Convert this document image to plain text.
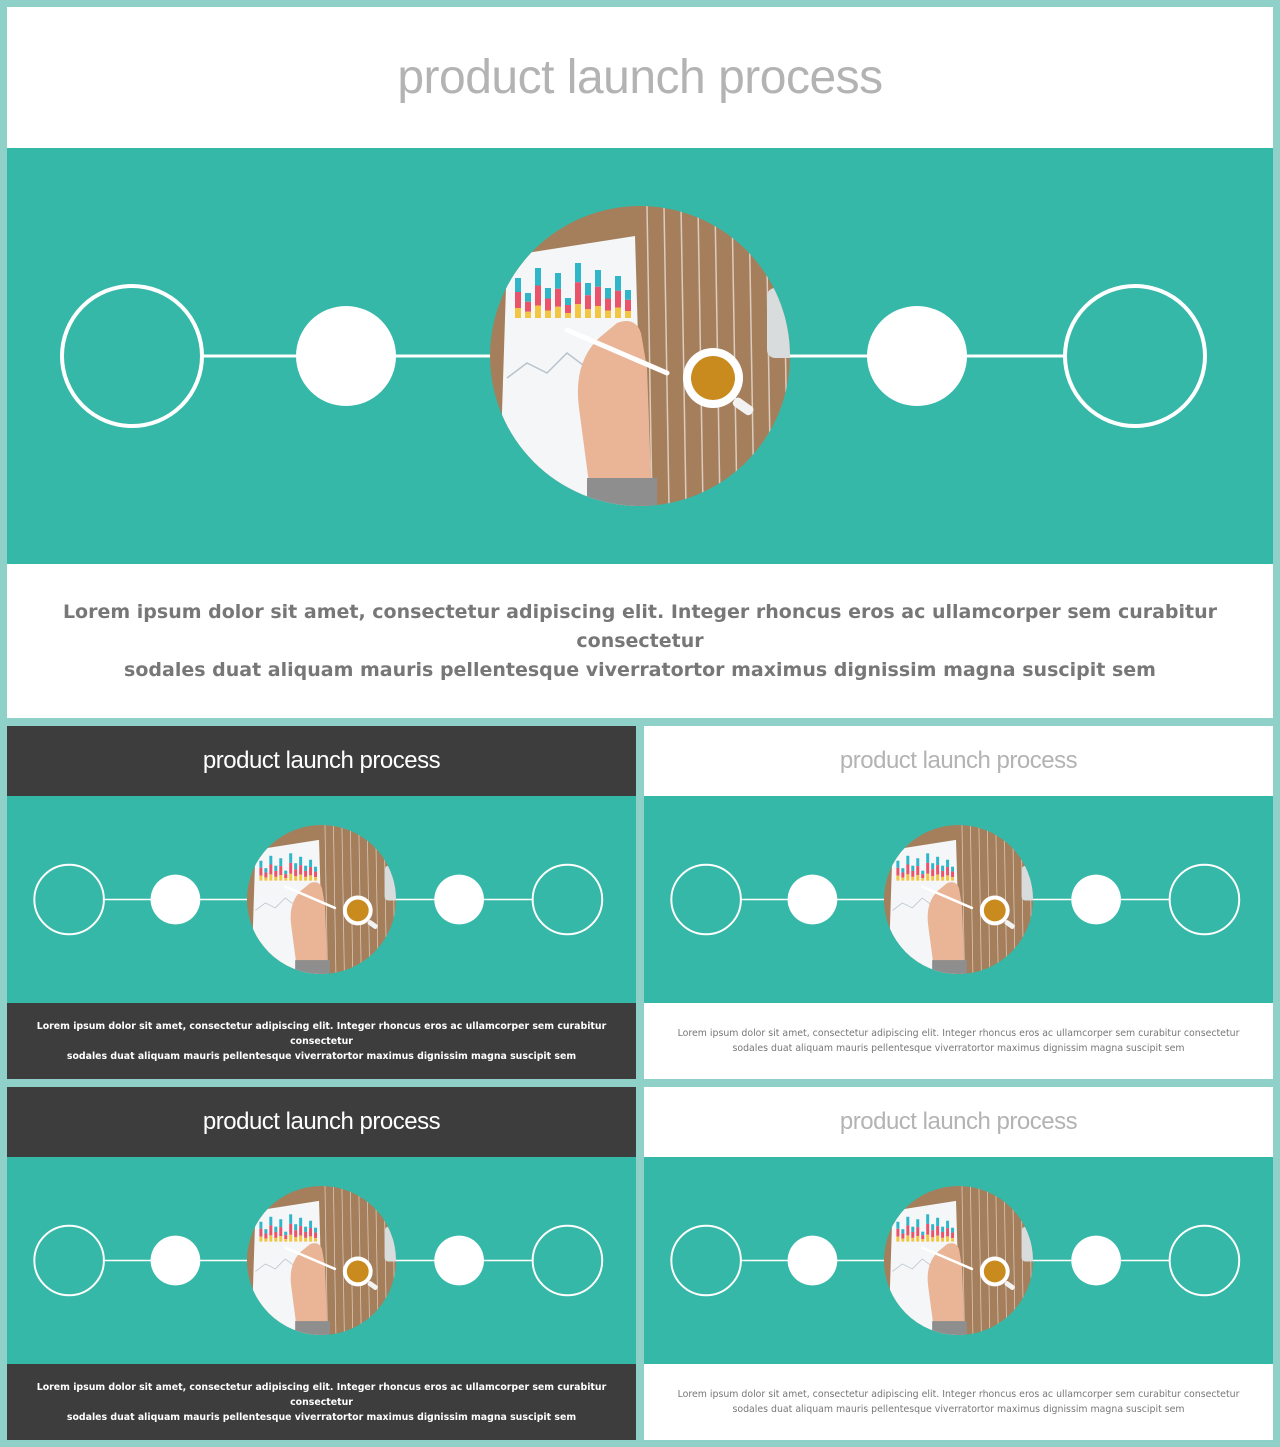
product launch process
Lorem ipsum dolor sit amet, consectetur adipiscing elit. Integer rhoncus eros ac ullamcorper sem curabitur consectetur
sodales duat aliquam mauris pellentesque viverratortor maximus dignissim magna suscipit sem
product launch process
Lorem ipsum dolor sit amet, consectetur adipiscing elit. Integer rhoncus eros ac ullamcorper sem curabitur consectetur
sodales duat aliquam mauris pellentesque viverratortor maximus dignissim magna suscipit sem
product launch process
Lorem ipsum dolor sit amet, consectetur adipiscing elit. Integer rhoncus eros ac ullamcorper sem curabitur consectetur
sodales duat aliquam mauris pellentesque viverratortor maximus dignissim magna suscipit sem
product launch process
Lorem ipsum dolor sit amet, consectetur adipiscing elit. Integer rhoncus eros ac ullamcorper sem curabitur consectetur
sodales duat aliquam mauris pellentesque viverratortor maximus dignissim magna suscipit sem
product launch process
Lorem ipsum dolor sit amet, consectetur adipiscing elit. Integer rhoncus eros ac ullamcorper sem curabitur consectetur
sodales duat aliquam mauris pellentesque viverratortor maximus dignissim magna suscipit sem
